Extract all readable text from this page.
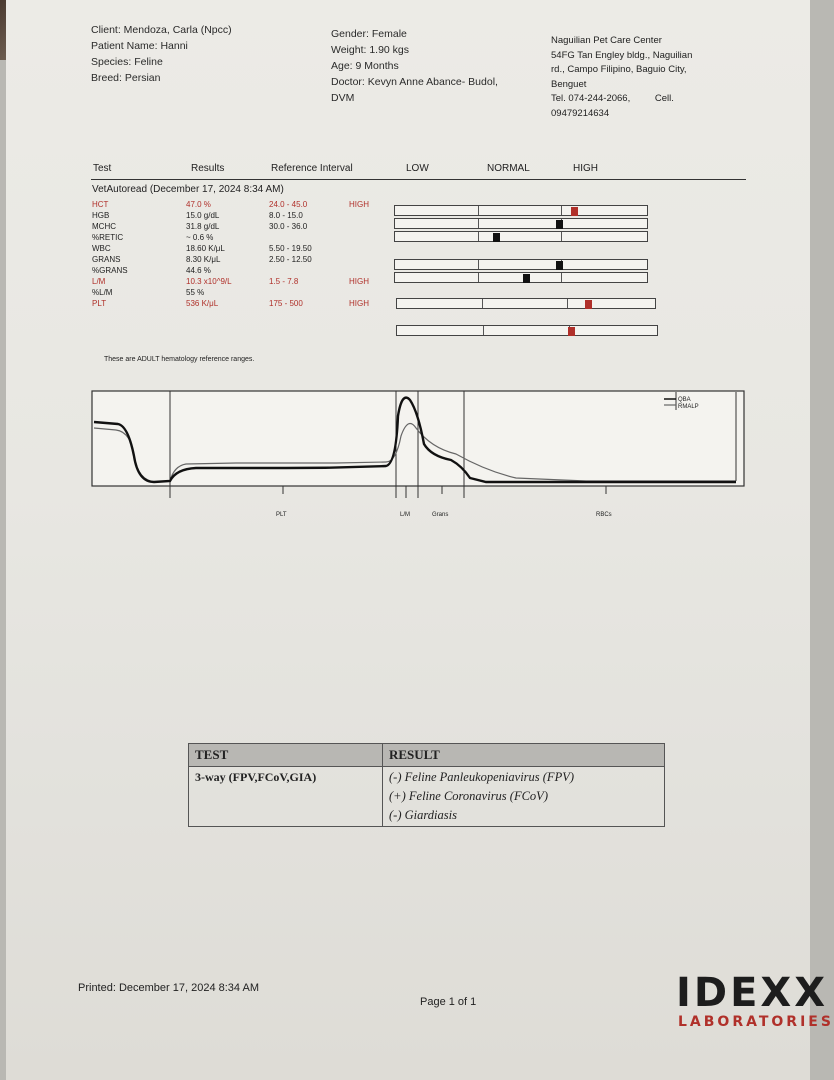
Client: Mendoza, Carla (Npcc)
Patient Name: Hanni
Species: Feline
Breed: Persian
Gender: Female
Weight: 1.90 kgs
Age: 9 Months
Doctor: Kevyn Anne Abance- Budol,
DVM
Naguilian Pet Care Center
54FG Tan Engley bldg., Naguilian
rd., Campo Filipino, Baguio City,
Benguet
Tel. 074-244-2066,	Cell.
09479214634
Test	Results	Reference Interval	LOW	NORMAL	HIGH
VetAutoread (December 17, 2024 8:34 AM)
HCT	47.0 %	24.0 - 45.0	HIGH
HGB	15.0 g/dL	8.0 - 15.0
MCHC	31.8 g/dL	30.0 - 36.0
%RETIC	~ 0.6 %
WBC	18.60 K/μL	5.50 - 19.50
GRANS	8.30 K/μL	2.50 - 12.50
%GRANS	44.6 %
L/M	10.3 x10^9/L	1.5 - 7.8	HIGH
%L/M	55 %
PLT	536 K/μL	175 - 500	HIGH
These are ADULT hematology reference ranges.
QBA
RMALP
PLT	L/M	Grans	RBCs
TEST	RESULT
3-way (FPV,FCoV,GIA)	(-) Feline Panleukopeniavirus (FPV)
(+) Feline Coronavirus (FCoV)
(-) Giardiasis
Printed: December 17, 2024 8:34 AM
Page 1 of 1	IDEXX
LABORATORIES
